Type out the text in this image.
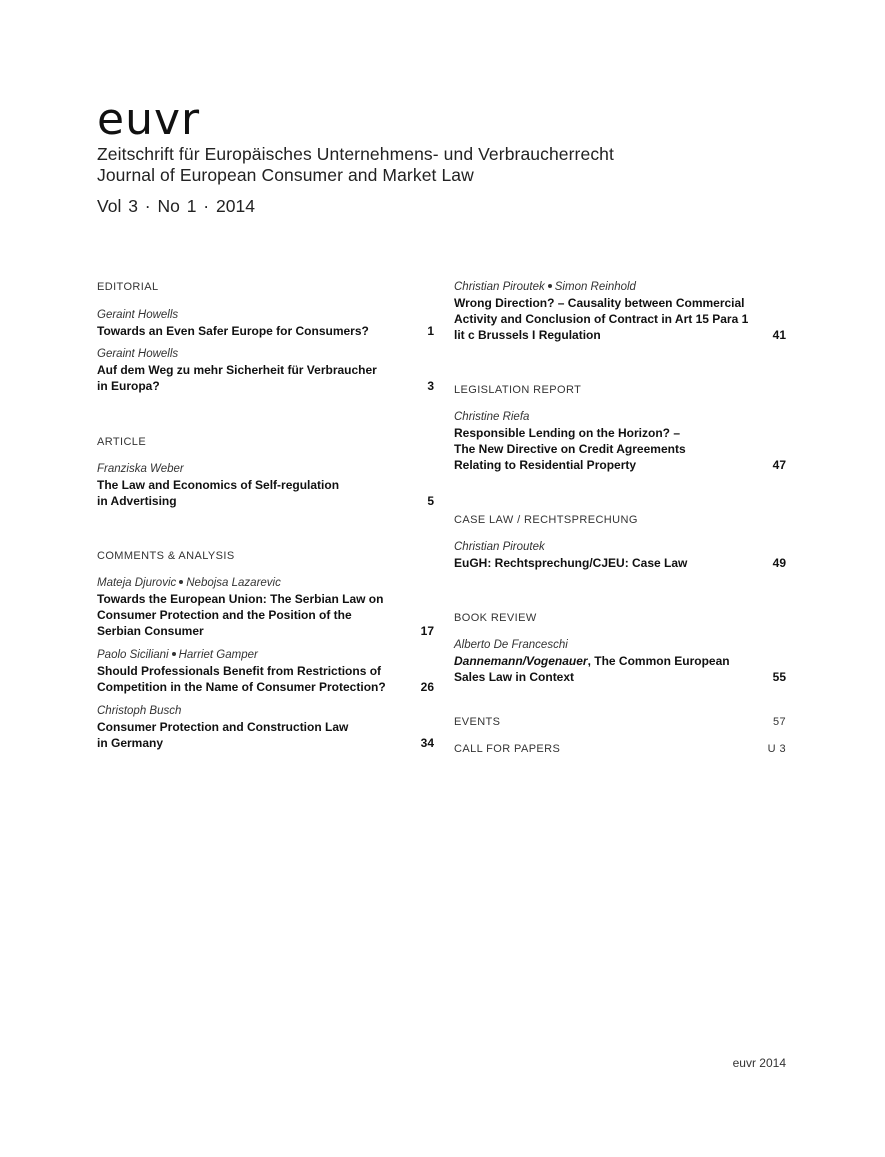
euvr
Zeitschrift für Europäisches Unternehmens- und Verbraucherrecht
Journal of European Consumer and Market Law
Vol 3 · No 1 · 2014
EDITORIAL
Geraint Howells
Towards an Even Safer Europe for Consumers?	1
Geraint Howells
Auf dem Weg zu mehr Sicherheit für Verbraucher
in Europa?	3
ARTICLE
Franziska Weber
The Law and Economics of Self-regulation
in Advertising	5
COMMENTS & ANALYSIS
Mateja Djurovic Nebojsa Lazarevic
Towards the European Union: The Serbian Law on
Consumer Protection and the Position of the
Serbian Consumer	17
Paolo Siciliani Harriet Gamper
Should Professionals Benefit from Restrictions of
Competition in the Name of Consumer Protection?	26
Christoph Busch
Consumer Protection and Construction Law
in Germany	34
Christian Piroutek Simon Reinhold
Wrong Direction? – Causality between Commercial
Activity and Conclusion of Contract in Art 15 Para 1
lit c Brussels I Regulation	41
LEGISLATION REPORT
Christine Riefa
Responsible Lending on the Horizon? –
The New Directive on Credit Agreements
Relating to Residential Property	47
CASE LAW / RECHTSPRECHUNG
Christian Piroutek
EuGH: Rechtsprechung/CJEU: Case Law	49
BOOK REVIEW
Alberto De Franceschi
Dannemann/Vogenauer, The Common European
Sales Law in Context	55
EVENTS	57
CALL FOR PAPERS	U 3
euvr 2014
